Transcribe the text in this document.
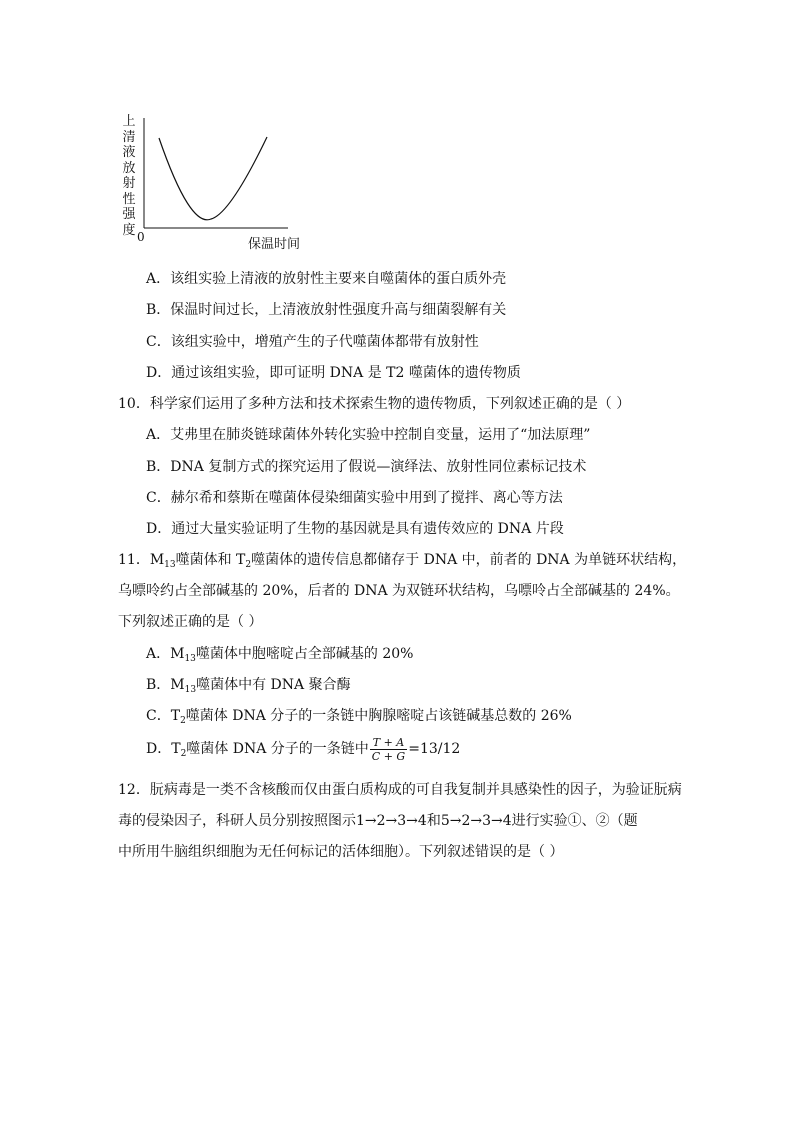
上清液放射性强度 0	保温时间
A．该组实验上清液的放射性主要来自噬菌体的蛋白质外壳
B．保温时间过长，上清液放射性强度升高与细菌裂解有关
C．该组实验中，增殖产生的子代噬菌体都带有放射性
D．通过该组实验，即可证明 DNA 是 T2 噬菌体的遗传物质
10．科学家们运用了多种方法和技术探索生物的遗传物质，下列叙述正确的是（ ）
A．艾弗里在肺炎链球菌体外转化实验中控制自变量，运用了“加法原理”
B．DNA 复制方式的探究运用了假说—演绎法、放射性同位素标记技术
C．赫尔希和蔡斯在噬菌体侵染细菌实验中用到了搅拌、离心等方法
D．通过大量实验证明了生物的基因就是具有遗传效应的 DNA 片段
11．$M_{13}$噬菌体和 $T_2$噬菌体的遗传信息都储存于 DNA 中，前者的 DNA 为单链环状结构，
乌嘌呤约占全部碱基的 20%，后者的 DNA 为双链环状结构，乌嘌呤占全部碱基的 24%。
下列叙述正确的是（ ）
A．$M_{13}$噬菌体中胞嘧啶占全部碱基的 20%
B．$M_{13}$噬菌体中有 DNA 聚合酶
C．$T_2$噬菌体 DNA 分子的一条链中胸腺嘧啶占该链碱基总数的 26%
D．$T_2$噬菌体 DNA 分子的一条链中 $\frac{T + A}{C + G} =13/12$
12．朊病毒是一类不含核酸而仅由蛋白质构成的可自我复制并具感染性的因子，为验证朊病
毒的侵染因子，科研人员分别按照图示1→2→3→4和5→2→3→4进行实验①、②（题
中所用牛脑组织细胞为无任何标记的活体细胞）。下列叙述错误的是（ ）
